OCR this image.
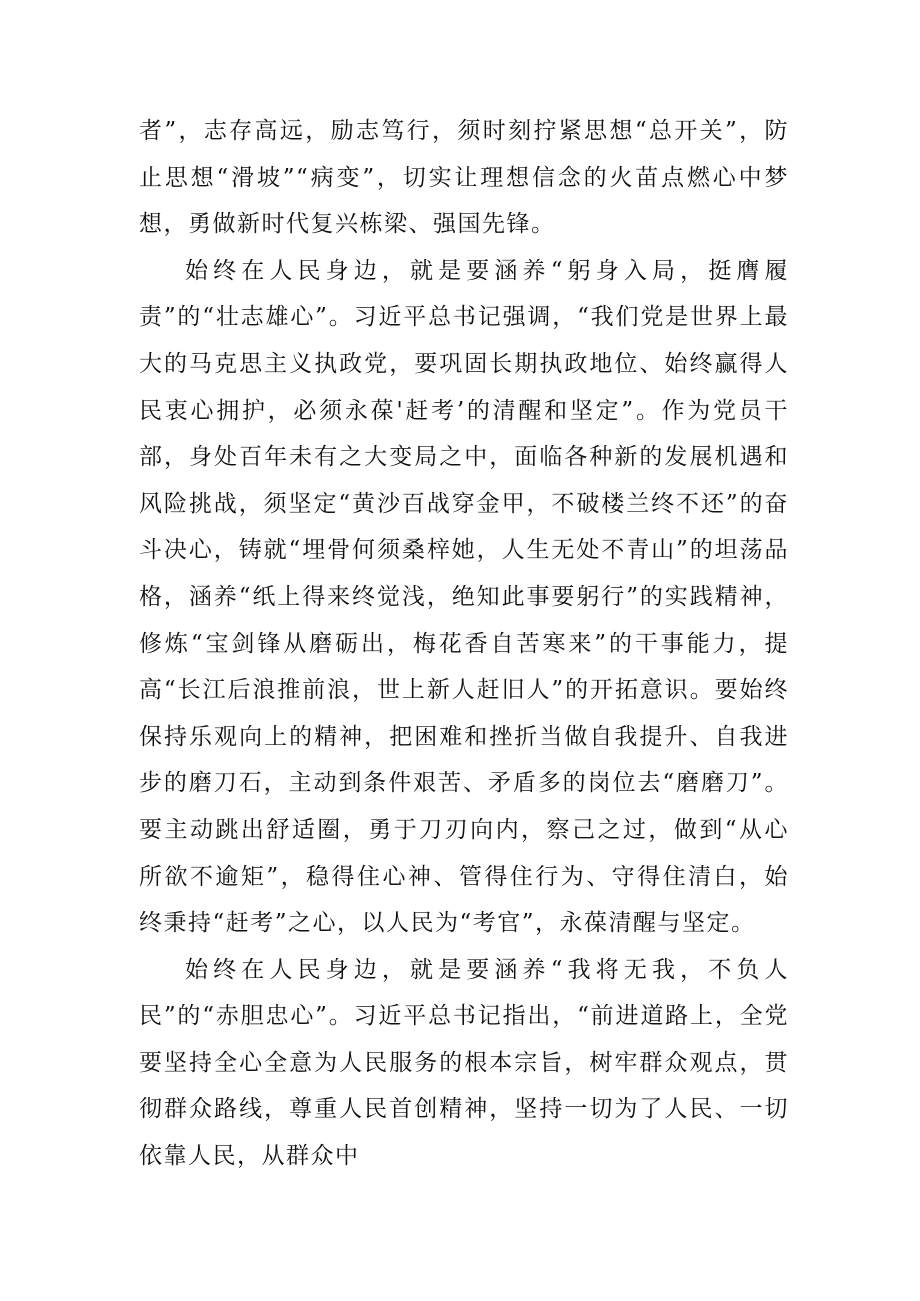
者”，志存高远，励志笃行，须时刻拧紧思想“总开关”，防止思想“滑坡”“病变”，切实让理想信念的火苗点燃心中梦想，勇做新时代复兴栋梁、强国先锋。

始终在人民身边，就是要涵养“躬身入局，挺膺履责”的“壮志雄心”。习近平总书记强调，“我们党是世界上最大的马克思主义执政党，要巩固长期执政地位、始终赢得人民衷心拥护，必须永葆'赶考’的清醒和坚定”。作为党员干部，身处百年未有之大变局之中，面临各种新的发展机遇和风险挑战，须坚定“黄沙百战穿金甲，不破楼兰终不还”的奋斗决心，铸就“埋骨何须桑梓她，人生无处不青山”的坦荡品格，涵养“纸上得来终觉浅，绝知此事要躬行”的实践精神，修炼“宝剑锋从磨砺出，梅花香自苦寒来”的干事能力，提高“长江后浪推前浪，世上新人赶旧人”的开拓意识。要始终保持乐观向上的精神，把困难和挫折当做自我提升、自我进步的磨刀石，主动到条件艰苦、矛盾多的岗位去“磨磨刀”。要主动跳出舒适圈，勇于刀刃向内，察己之过，做到“从心所欲不逾矩”，稳得住心神、管得住行为、守得住清白，始终秉持“赶考”之心，以人民为“考官”，永葆清醒与坚定。

始终在人民身边，就是要涵养“我将无我，不负人民”的“赤胆忠心”。习近平总书记指出，“前进道路上，全党要坚持全心全意为人民服务的根本宗旨，树牢群众观点，贯彻群众路线，尊重人民首创精神，坚持一切为了人民、一切依靠人民，从群众中
